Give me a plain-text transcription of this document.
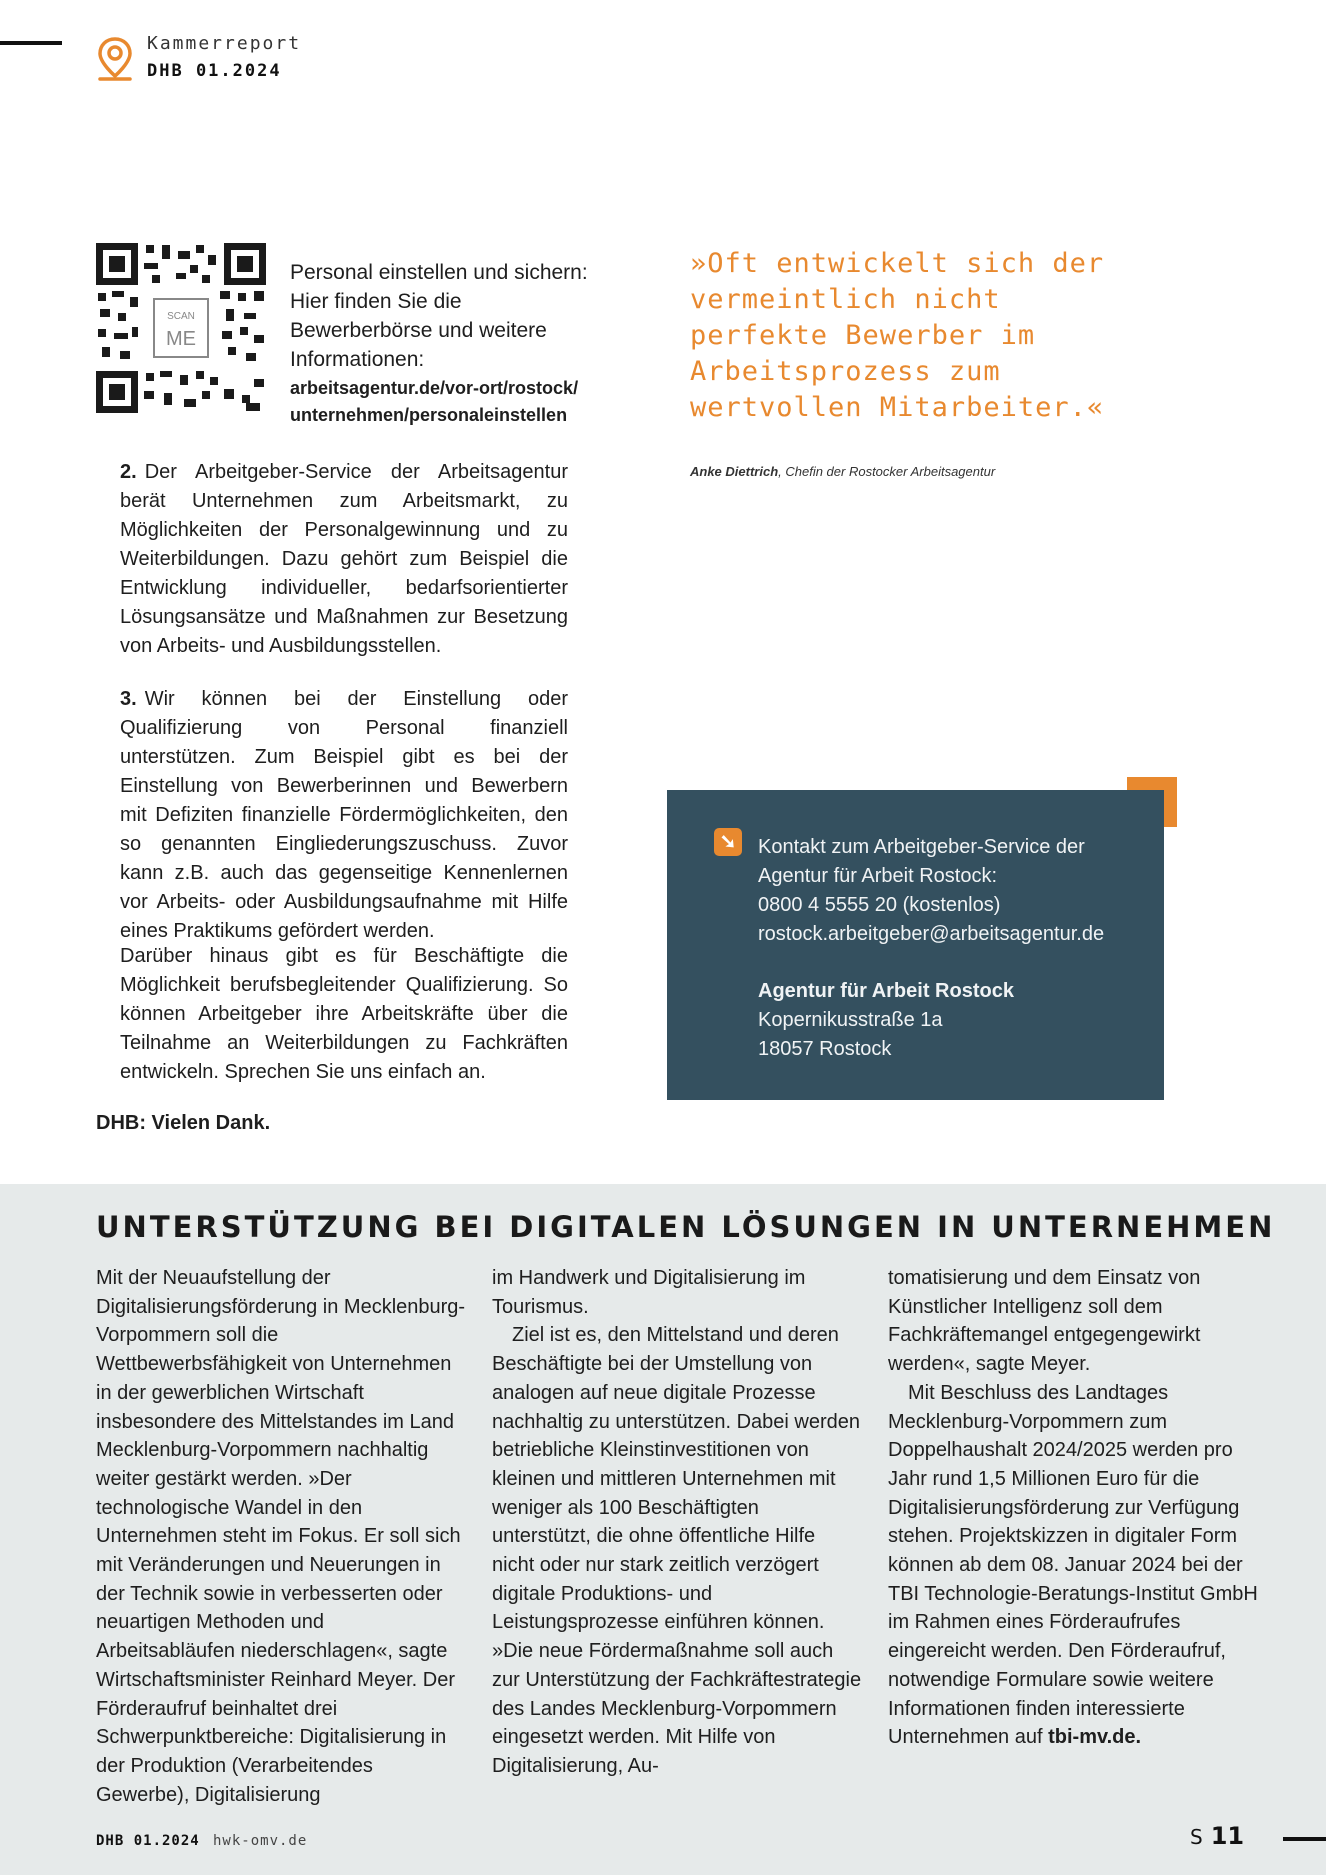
Kammerreport
DHB 01.2024
SCAN
ME
Personal einstellen und sichern: Hier finden Sie die Bewerberbörse und weitere Informationen:
arbeitsagentur.de/vor-ort/rostock/
unternehmen/personaleinstellen
2. Der Arbeitgeber-Service der Arbeitsagentur berät Unternehmen zum Arbeitsmarkt, zu Möglichkeiten der Personalgewinnung und zu Weiterbildungen. Dazu gehört zum Beispiel die Entwicklung individueller, bedarfsorientierter Lösungsansätze und Maßnahmen zur Besetzung von Arbeits- und Ausbildungsstellen.
3. Wir können bei der Einstellung oder Qualifizierung von Personal finanziell unterstützen. Zum Beispiel gibt es bei der Einstellung von Bewerberinnen und Bewerbern mit Defiziten finanzielle Fördermöglichkeiten, den so genannten Eingliederungszuschuss. Zuvor kann z.B. auch das gegenseitige Kennenlernen vor Arbeits- oder Ausbildungsaufnahme mit Hilfe eines Praktikums gefördert werden.
Darüber hinaus gibt es für Beschäftigte die Möglichkeit berufsbegleitender Qualifizierung. So können Arbeitgeber ihre Arbeitskräfte über die Teilnahme an Weiterbildungen zu Fachkräften entwickeln. Sprechen Sie uns einfach an.
DHB: Vielen Dank.
»Oft entwickelt sich der vermeintlich nicht perfekte Bewerber im Arbeitsprozess zum wertvollen Mitarbeiter.«
Anke Diettrich, Chefin der Rostocker Arbeitsagentur
➘ Kontakt zum Arbeitgeber-Service der
Agentur für Arbeit Rostock:
0800 4 5555 20 (kostenlos)
rostock.arbeitgeber@arbeitsagentur.de
Agentur für Arbeit Rostock
Kopernikusstraße 1a
18057 Rostock
UNTERSTÜTZUNG BEI DIGITALEN LÖSUNGEN IN UNTERNEHMEN

Mit der Neuaufstellung der Digitalisierungsförderung in Mecklenburg-Vorpommern soll die Wettbewerbsfähigkeit von Unternehmen in der gewerblichen Wirtschaft insbesondere des Mittelstandes im Land Mecklenburg-Vorpommern nachhaltig weiter gestärkt werden. »Der technologische Wandel in den Unternehmen steht im Fokus. Er soll sich mit Veränderungen und Neuerungen in der Technik sowie in verbesserten oder neuartigen Methoden und Arbeitsabläufen niederschlagen«, sagte Wirtschaftsminister Reinhard Meyer. Der Förderaufruf beinhaltet drei Schwerpunktbereiche: Digitalisierung in der Produktion (Verarbeitendes Gewerbe), Digitalisierung

im Handwerk und Digitalisierung im Tourismus.

Ziel ist es, den Mittelstand und deren Beschäftigte bei der Umstellung von analogen auf neue digitale Prozesse nachhaltig zu unterstützen. Dabei werden betriebliche Kleinstinvestitionen von kleinen und mittleren Unternehmen mit weniger als 100 Beschäftigten unterstützt, die ohne öffentliche Hilfe nicht oder nur stark zeitlich verzögert digitale Produktions- und Leistungsprozesse einführen können. »Die neue Fördermaßnahme soll auch zur Unterstützung der Fachkräftestrategie des Landes Mecklenburg-Vorpommern eingesetzt werden. Mit Hilfe von Digitalisierung, Au-

tomatisierung und dem Einsatz von Künstlicher Intelligenz soll dem Fachkräftemangel entgegengewirkt werden«, sagte Meyer.

Mit Beschluss des Landtages Mecklenburg-Vorpommern zum Doppelhaushalt 2024/2025 werden pro Jahr rund 1,5 Millionen Euro für die Digitalisierungsförderung zur Verfügung stehen. Projektskizzen in digitaler Form können ab dem 08. Januar 2024 bei der TBI Technologie-Beratungs-Institut GmbH im Rahmen eines Förderaufrufes eingereicht werden. Den Förderaufruf, notwendige Formulare sowie weitere Informationen finden interessierte Unternehmen auf tbi-mv.de.

DHB 01.2024 hwk-omv.de	S 11
